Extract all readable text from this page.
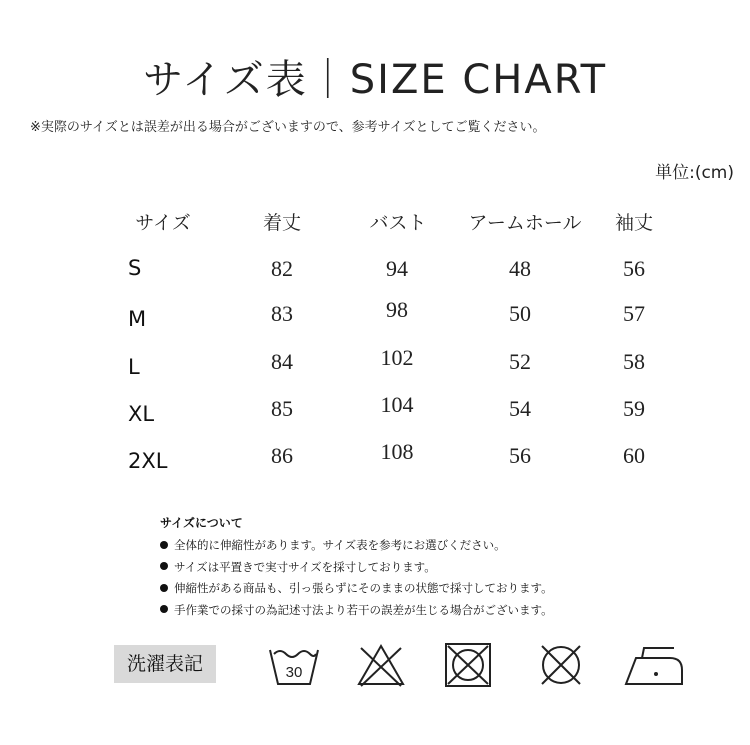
サイズ表｜SIZE CHART
※実際のサイズとは誤差が出る場合がございますので、参考サイズとしてご覧ください。
単位:(cm)
サイズ	着丈	バスト	アームホール	袖丈
S	82	94	48	56
M	83	98	50	57
L	84	102	52	58
XL	85	104	54	59
2XL	86	108	56	60
サイズについて
全体的に伸縮性があります。サイズ表を参考にお選びください。
サイズは平置きで実寸サイズを採寸しております。
伸縮性がある商品も、引っ張らずにそのままの状態で採寸しております。
手作業での採寸の為記述寸法より若干の誤差が生じる場合がございます。
洗濯表記	30
